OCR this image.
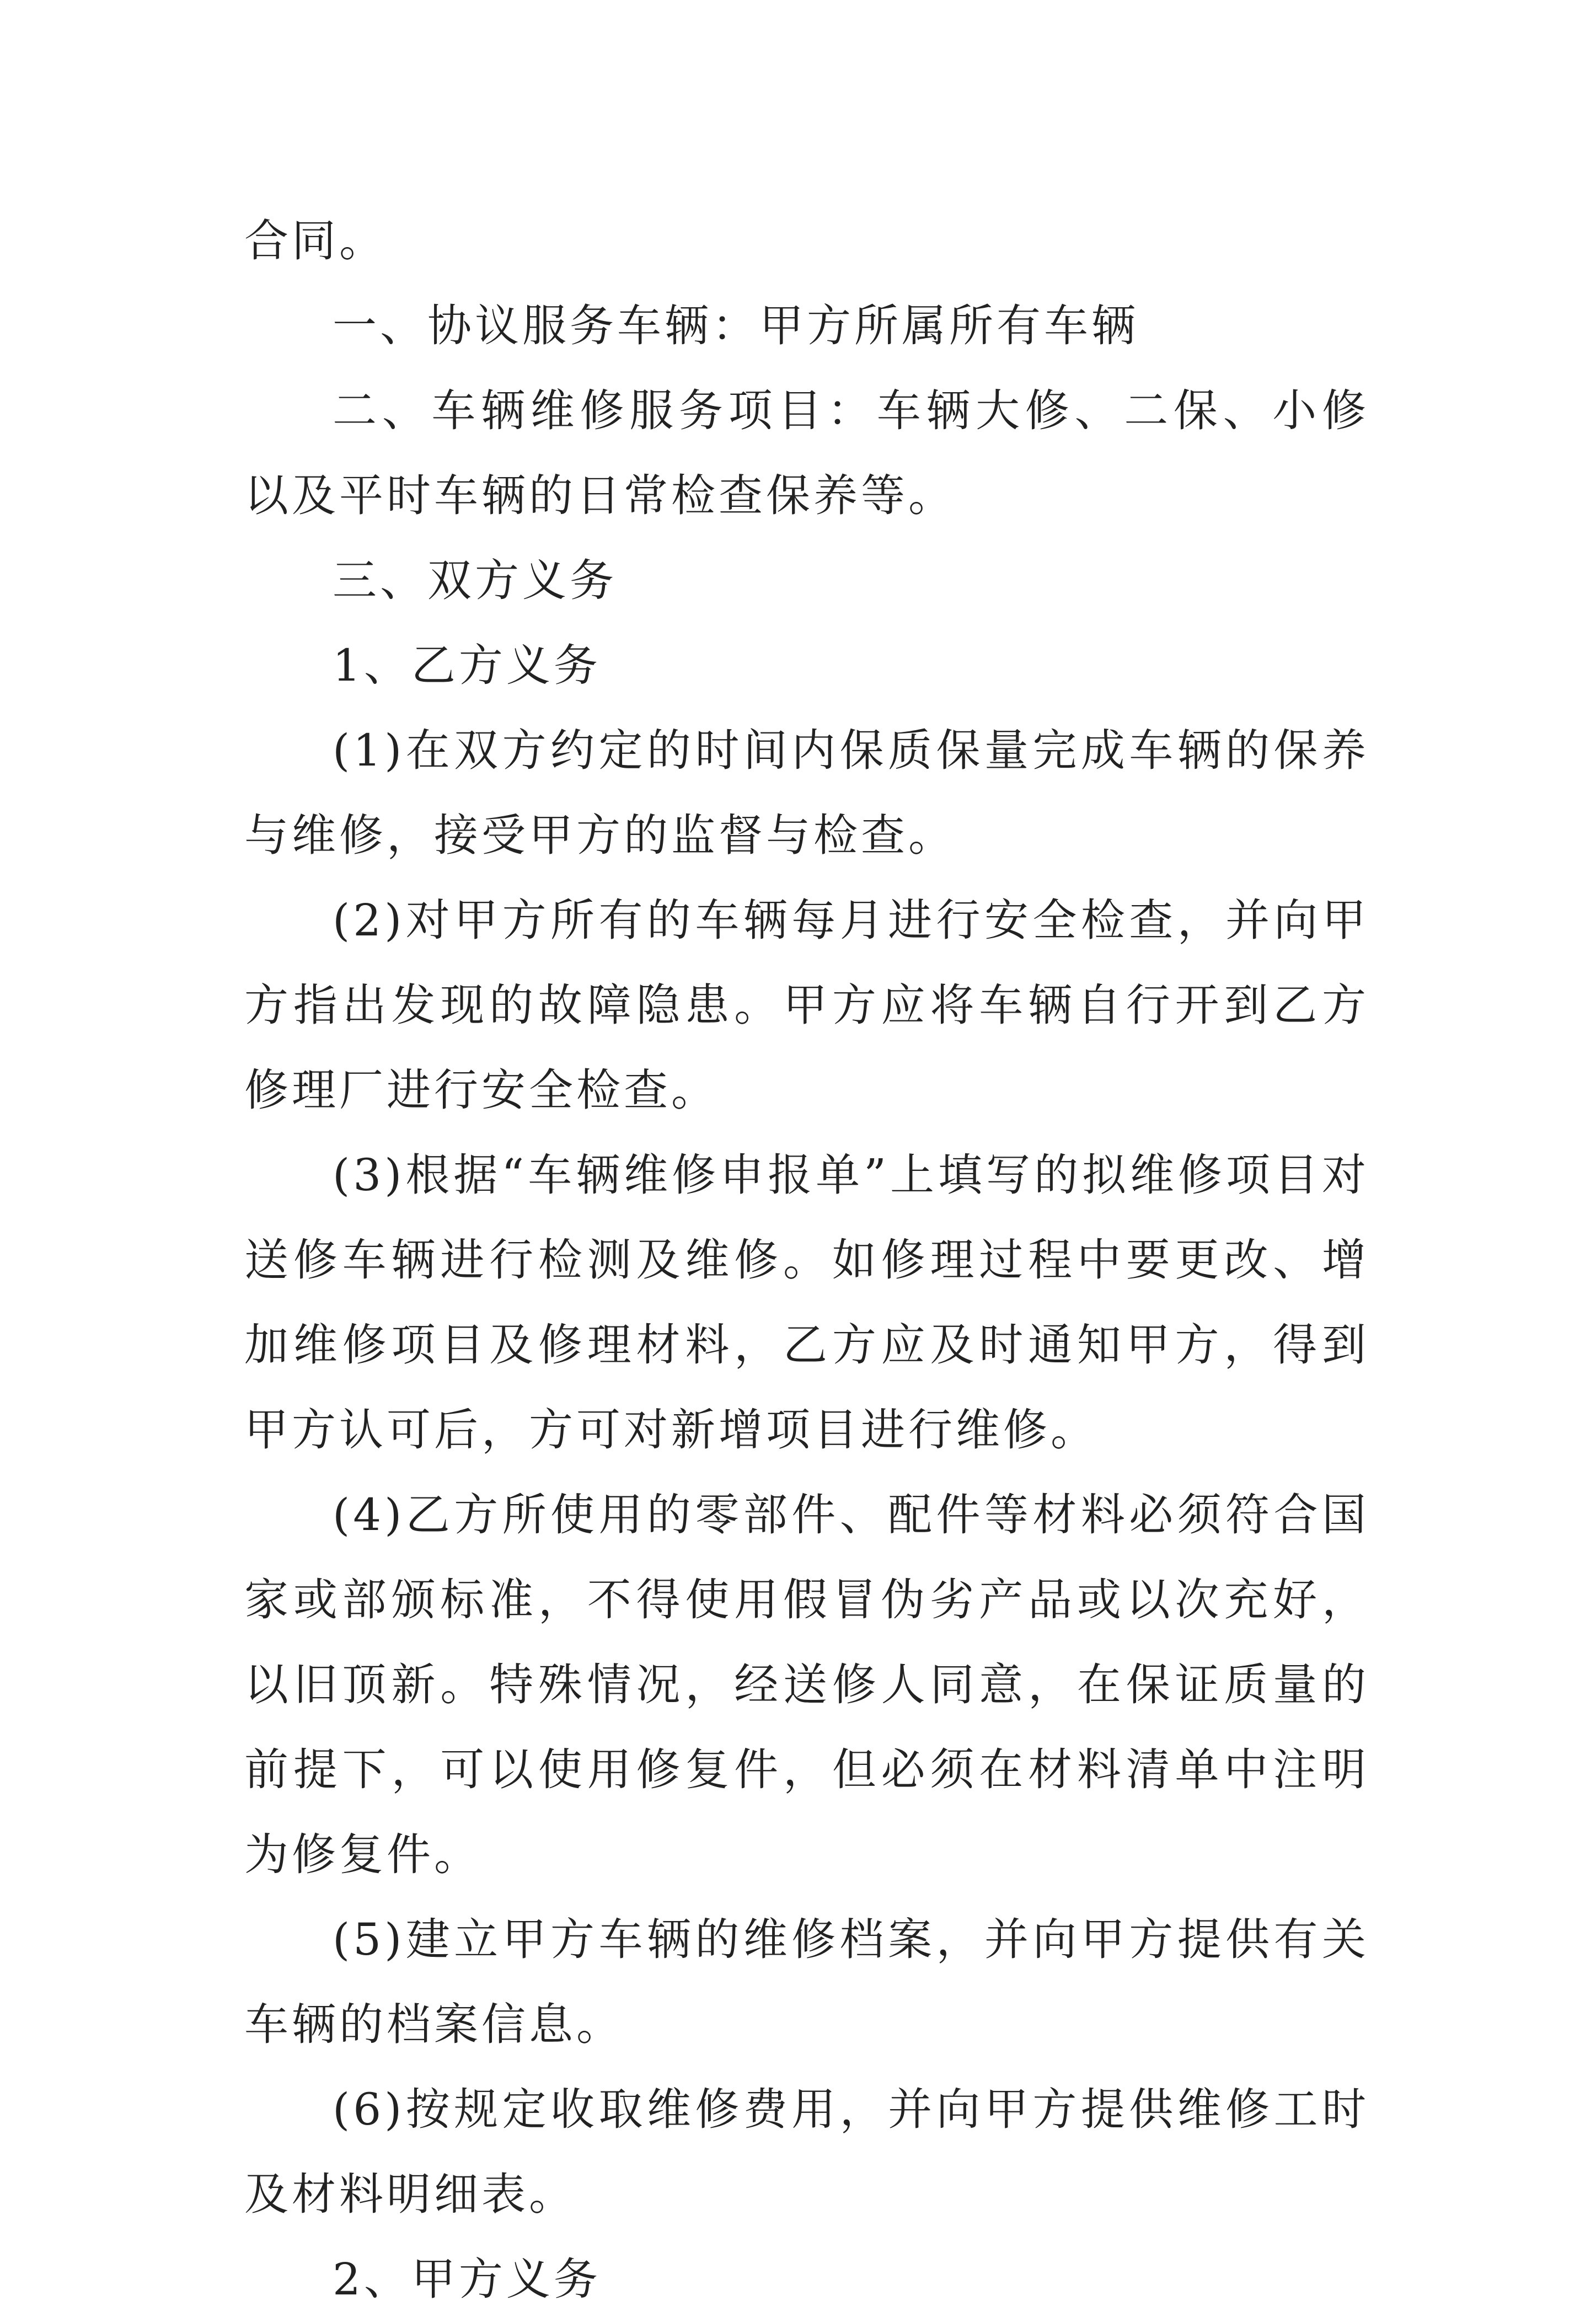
合同。

一、协议服务车辆：甲方所属所有车辆

二、车辆维修服务项目：车辆大修、二保、小修以及平时车辆的日常检查保养等。

三、双方义务

1、乙方义务

(1)在双方约定的时间内保质保量完成车辆的保养与维修，接受甲方的监督与检查。

(2)对甲方所有的车辆每月进行安全检查，并向甲方指出发现的故障隐患。甲方应将车辆自行开到乙方修理厂进行安全检查。

(3)根据“车辆维修申报单”上填写的拟维修项目对送修车辆进行检测及维修。如修理过程中要更改、增加维修项目及修理材料，乙方应及时通知甲方，得到甲方认可后，方可对新增项目进行维修。

(4)乙方所使用的零部件、配件等材料必须符合国家或部颁标准，不得使用假冒伪劣产品或以次充好，以旧顶新。特殊情况，经送修人同意，在保证质量的前提下，可以使用修复件，但必须在材料清单中注明为修复件。

(5)建立甲方车辆的维修档案，并向甲方提供有关车辆的档案信息。

(6)按规定收取维修费用，并向甲方提供维修工时及材料明细表。

2、甲方义务
